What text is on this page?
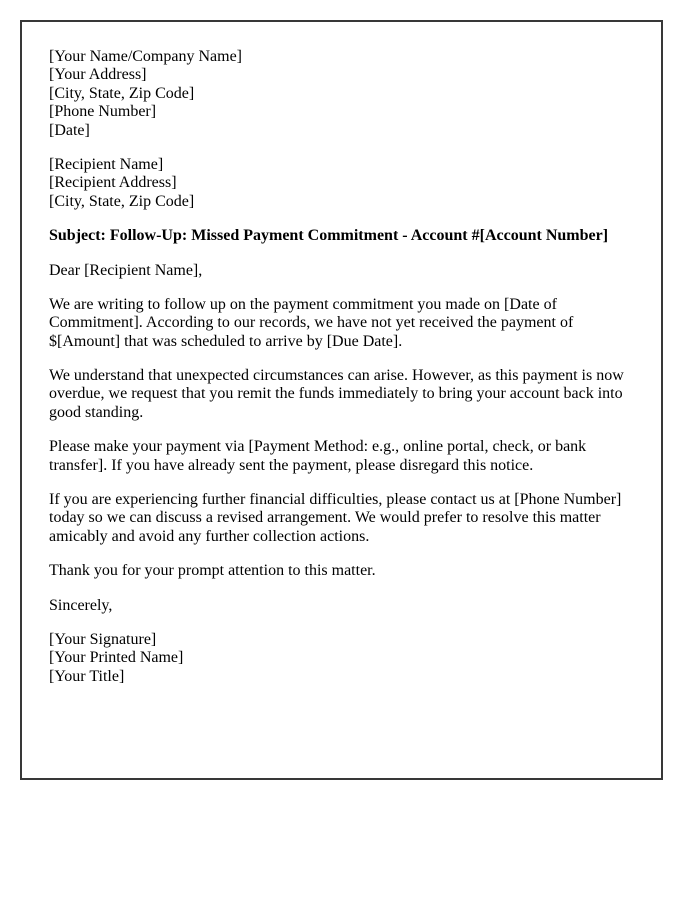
[Your Name/Company Name]
[Your Address]
[City, State, Zip Code]
[Phone Number]
[Date]
[Recipient Name]
[Recipient Address]
[City, State, Zip Code]

Subject: Follow-Up: Missed Payment Commitment - Account #[Account Number]

Dear [Recipient Name],

We are writing to follow up on the payment commitment you made on [Date of Commitment]. According to our records, we have not yet received the payment of $[Amount] that was scheduled to arrive by [Due Date].

We understand that unexpected circumstances can arise. However, as this payment is now overdue, we request that you remit the funds immediately to bring your account back into good standing.

Please make your payment via [Payment Method: e.g., online portal, check, or bank transfer]. If you have already sent the payment, please disregard this notice.

If you are experiencing further financial difficulties, please contact us at [Phone Number] today so we can discuss a revised arrangement. We would prefer to resolve this matter amicably and avoid any further collection actions.

Thank you for your prompt attention to this matter.

Sincerely,

[Your Signature]
[Your Printed Name]
[Your Title]
